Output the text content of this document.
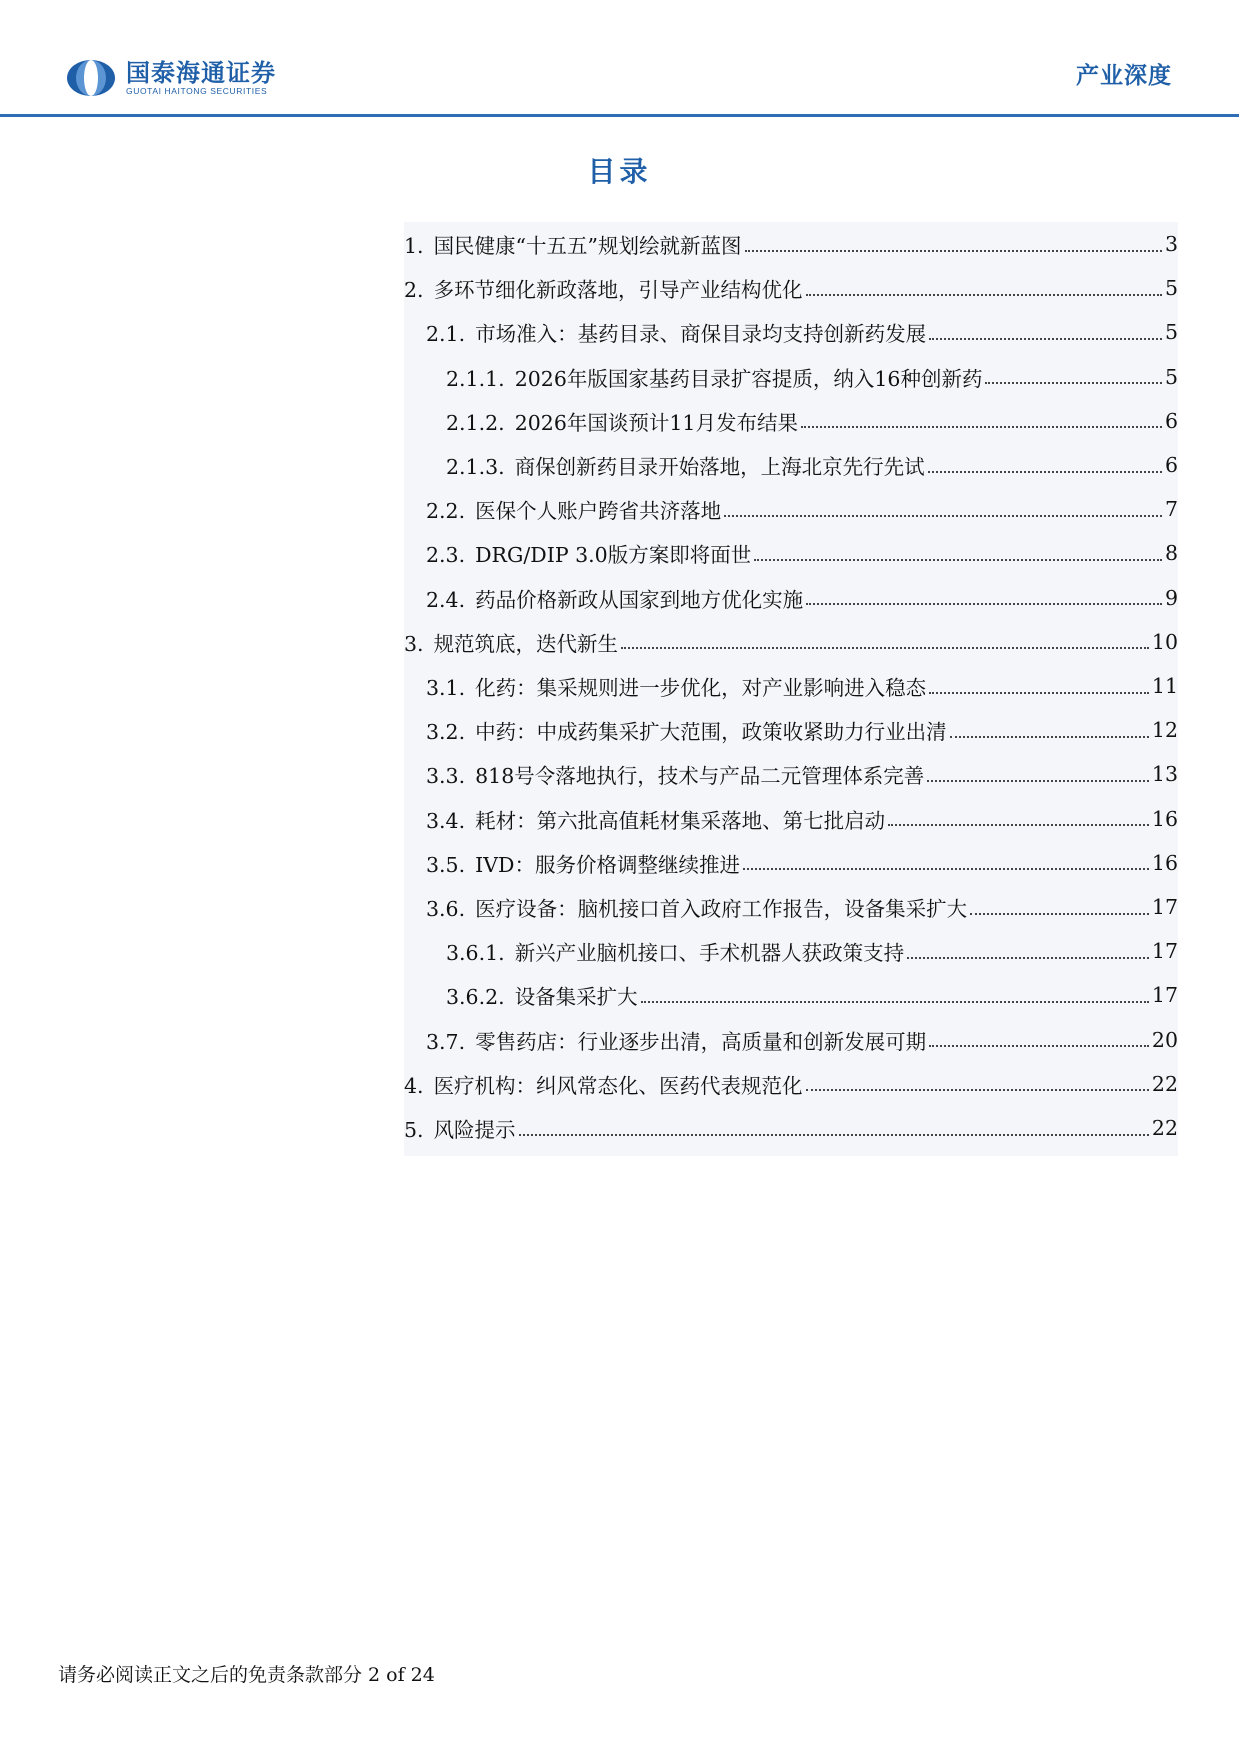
国泰海通证券
GUOTAI HAITONG SECURITIES
产业深度
目录
1. 国民健康“十五五”规划绘就新蓝图	3
2. 多环节细化新政落地，引导产业结构优化	5
2.1. 市场准入：基药目录、商保目录均支持创新药发展	5
2.1.1. 2026年版国家基药目录扩容提质，纳入16种创新药	5
2.1.2. 2026年国谈预计11月发布结果	6
2.1.3. 商保创新药目录开始落地，上海北京先行先试	6
2.2. 医保个人账户跨省共济落地	7
2.3. DRG/DIP 3.0版方案即将面世	8
2.4. 药品价格新政从国家到地方优化实施	9
3. 规范筑底，迭代新生	10
3.1. 化药：集采规则进一步优化，对产业影响进入稳态	11
3.2. 中药：中成药集采扩大范围，政策收紧助力行业出清	12
3.3. 818号令落地执行，技术与产品二元管理体系完善	13
3.4. 耗材：第六批高值耗材集采落地、第七批启动	16
3.5. IVD：服务价格调整继续推进	16
3.6. 医疗设备：脑机接口首入政府工作报告，设备集采扩大	17
3.6.1. 新兴产业脑机接口、手术机器人获政策支持	17
3.6.2. 设备集采扩大	17
3.7. 零售药店：行业逐步出清，高质量和创新发展可期	20
4. 医疗机构：纠风常态化、医药代表规范化	22
5. 风险提示	22
请务必阅读正文之后的免责条款部分 2 of 24
